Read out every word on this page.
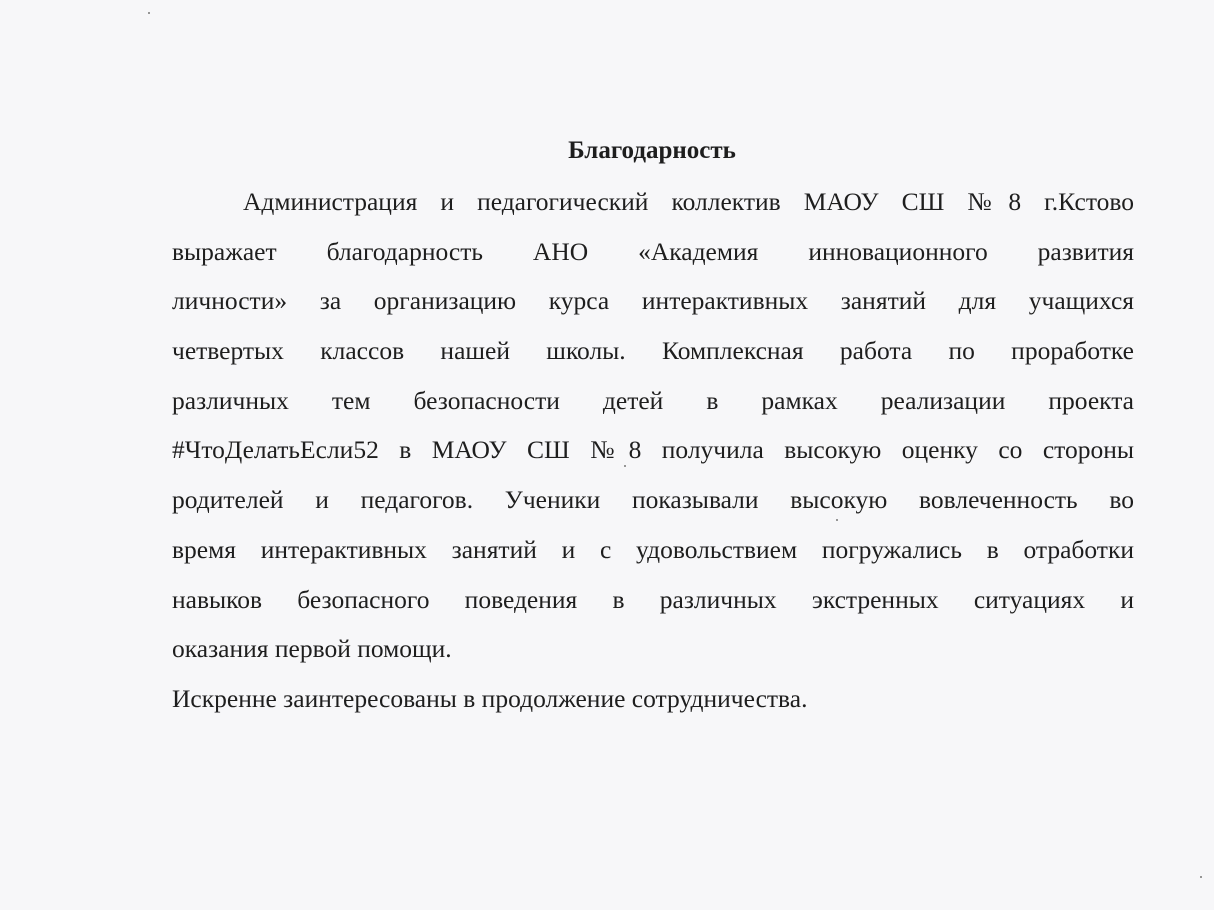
Благодарность
Администрация и педагогический коллектив МАОУ СШ №8 г.Кстово
выражает благодарность АНО «Академия инновационного развития
личности» за организацию курса интерактивных занятий для учащихся
четвертых классов нашей школы. Комплексная работа по проработке
различных тем безопасности детей в рамках реализации проекта
#ЧтоДелатьЕсли52 в МАОУ СШ №8 получила высокую оценку со стороны
родителей и педагогов. Ученики показывали высокую вовлеченность во
время интерактивных занятий и с удовольствием погружались в отработки
навыков безопасного поведения в различных экстренных ситуациях и
оказания первой помощи.
Искренне заинтересованы в продолжение сотрудничества.
